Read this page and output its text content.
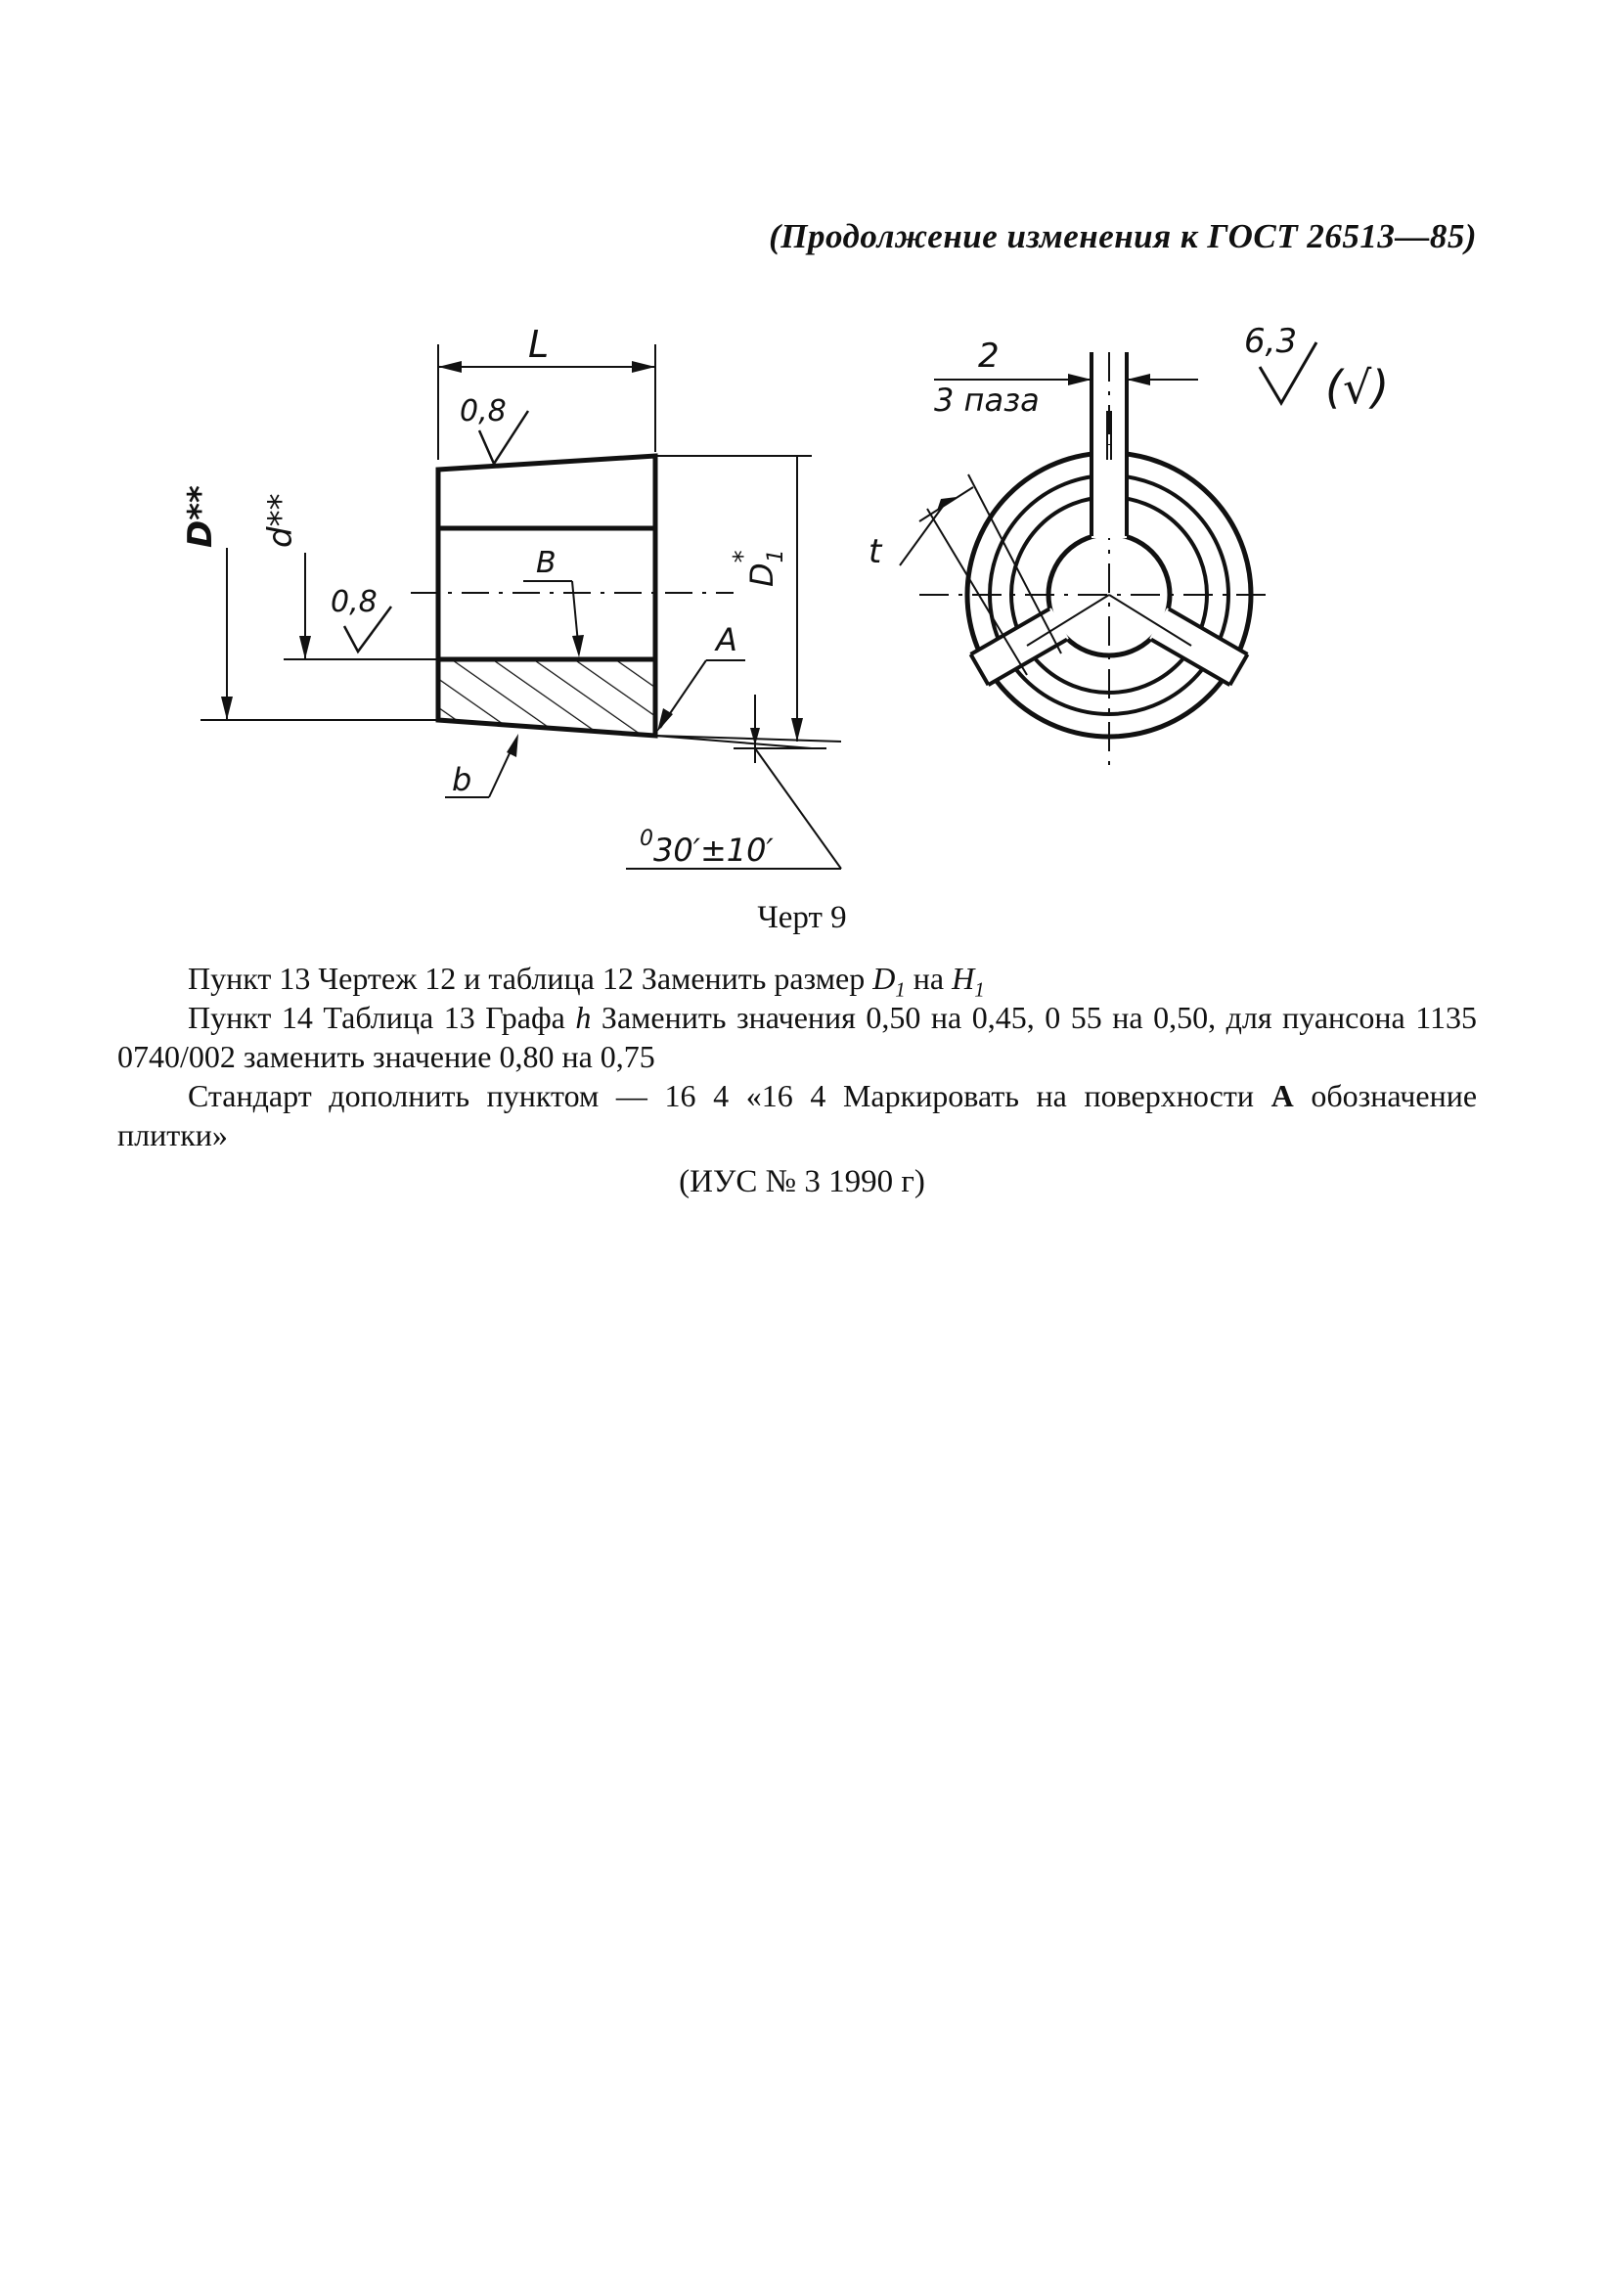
(Продолжение изменения к ГОСТ 26513—85)
L
0,8
D** d**
0,8
B	$D_1*$
A
0 30′±10′
b
2
3 паза
t
6,3
(√)
Черт 9
Пункт 13 Чертеж 12 и таблица 12 Заменить размер $D_1$ на $H_1$
Пункт 14 Таблица 13 Графа h Заменить значения 0,50 на 0,45, 0 55 на 0,50, для пуансона 1135 0740/002 заменить значение 0,80 на 0,75
Стандарт дополнить пунктом — 16 4 «16 4 Маркировать на поверхности А обозначение плитки»
(ИУС № 3 1990 г)
